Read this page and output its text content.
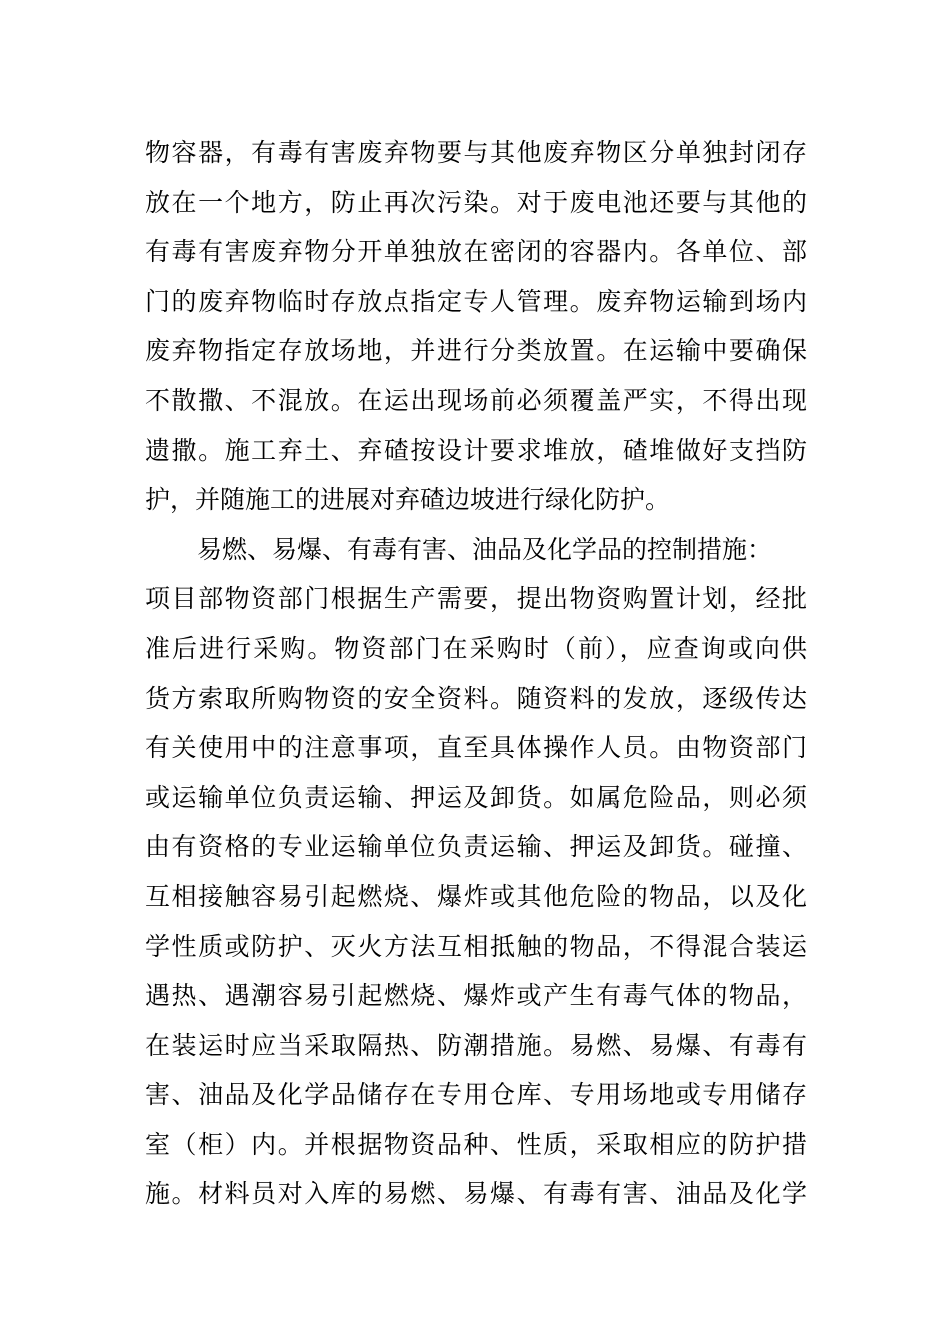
物容器，有毒有害废弃物要与其他废弃物区分单独封闭存
放在一个地方，防止再次污染。对于废电池还要与其他的
有毒有害废弃物分开单独放在密闭的容器内。各单位、部
门的废弃物临时存放点指定专人管理。废弃物运输到场内
废弃物指定存放场地，并进行分类放置。在运输中要确保
不散撒、不混放。在运出现场前必须覆盖严实，不得出现
遗撒。施工弃土、弃碴按设计要求堆放，碴堆做好支挡防
护，并随施工的进展对弃碴边坡进行绿化防护。
易燃、易爆、有毒有害、油品及化学品的控制措施：
项目部物资部门根据生产需要，提出物资购置计划，经批
准后进行采购。物资部门在采购时（前），应查询或向供
货方索取所购物资的安全资料。随资料的发放，逐级传达
有关使用中的注意事项，直至具体操作人员。由物资部门
或运输单位负责运输、押运及卸货。如属危险品，则必须
由有资格的专业运输单位负责运输、押运及卸货。碰撞、
互相接触容易引起燃烧、爆炸或其他危险的物品，以及化
学性质或防护、灭火方法互相抵触的物品，不得混合装运
遇热、遇潮容易引起燃烧、爆炸或产生有毒气体的物品，
在装运时应当采取隔热、防潮措施。易燃、易爆、有毒有
害、油品及化学品储存在专用仓库、专用场地或专用储存
室（柜）内。并根据物资品种、性质，采取相应的防护措
施。材料员对入库的易燃、易爆、有毒有害、油品及化学
